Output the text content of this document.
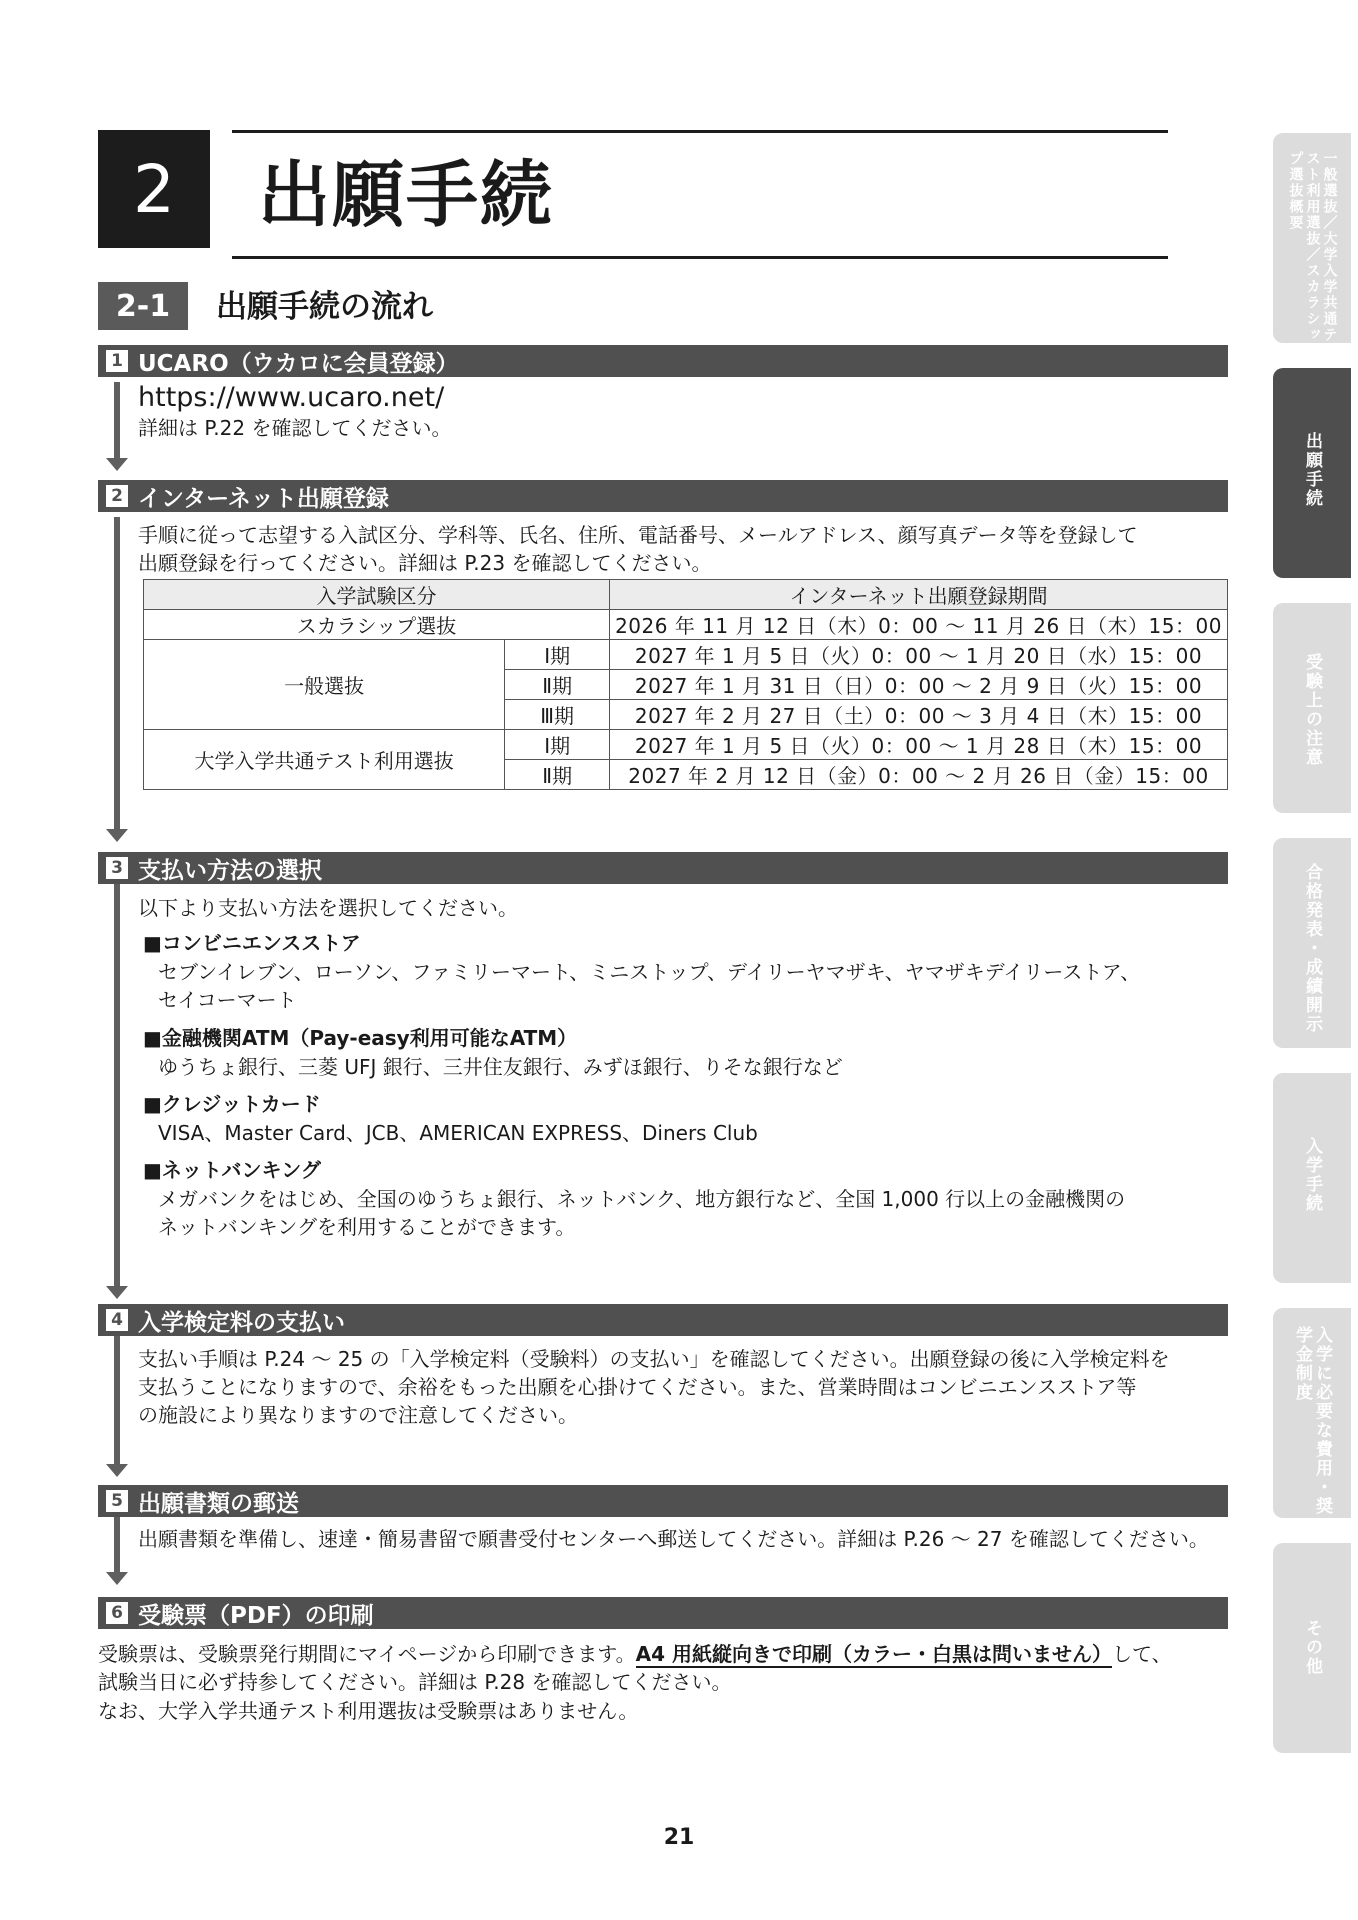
2	出願手続
2-1	出願手続の流れ
1 UCARO（ウカロに会員登録）
https://www.ucaro.net/
詳細は P.22 を確認してください。
2 インターネット出願登録
手順に従って志望する入試区分、学科等、氏名、住所、電話番号、メールアドレス、顔写真データ等を登録して
出願登録を行ってください。詳細は P.23 を確認してください。
入学試験区分		インターネット出願登録期間
スカラシップ選抜		2026 年 11 月 12 日（木）0：00 ～ 11 月 26 日（木）15：00
一般選抜	Ⅰ期	2027 年 1 月 5 日（火）0：00 ～ 1 月 20 日（水）15：00
	Ⅱ期	2027 年 1 月 31 日（日）0：00 ～ 2 月 9 日（火）15：00
	Ⅲ期	2027 年 2 月 27 日（土）0：00 ～ 3 月 4 日（木）15：00
大学入学共通テスト利用選抜	Ⅰ期	2027 年 1 月 5 日（火）0：00 ～ 1 月 28 日（木）15：00
	Ⅱ期	2027 年 2 月 12 日（金）0：00 ～ 2 月 26 日（金）15：00
3 支払い方法の選択
以下より支払い方法を選択してください。
■コンビニエンスストア
セブンイレブン、ローソン、ファミリーマート、ミニストップ、デイリーヤマザキ、ヤマザキデイリーストア、
セイコーマート
■金融機関ATM（Pay-easy利用可能なATM）
ゆうちょ銀行、三菱 UFJ 銀行、三井住友銀行、みずほ銀行、りそな銀行など
■クレジットカード
VISA、Master Card、JCB、AMERICAN EXPRESS、Diners Club
■ネットバンキング
メガバンクをはじめ、全国のゆうちょ銀行、ネットバンク、地方銀行など、全国 1,000 行以上の金融機関の
ネットバンキングを利用することができます。
4 入学検定料の支払い
支払い手順は P.24 ～ 25 の「入学検定料（受験料）の支払い」を確認してください。出願登録の後に入学検定料を
支払うことになりますので、余裕をもった出願を心掛けてください。また、営業時間はコンビニエンスストア等
の施設により異なりますので注意してください。
5 出願書類の郵送
出願書類を準備し、速達・簡易書留で願書受付センターへ郵送してください。詳細は P.26 ～ 27 を確認してください。
6 受験票（PDF）の印刷
受験票は、受験票発行期間にマイページから印刷できます。A4 用紙縦向きで印刷（カラー・白黒は問いません）して、
試験当日に必ず持参してください。詳細は P.28 を確認してください。
なお、大学入学共通テスト利用選抜は受験票はありません。
一般選抜／大学入学共通テスト利用選抜／スカラシップ選抜概要
出願手続
受験上の注意
合格発表・成績開示
入学手続
入学に必要な費用・奨学金制度
その他
21
